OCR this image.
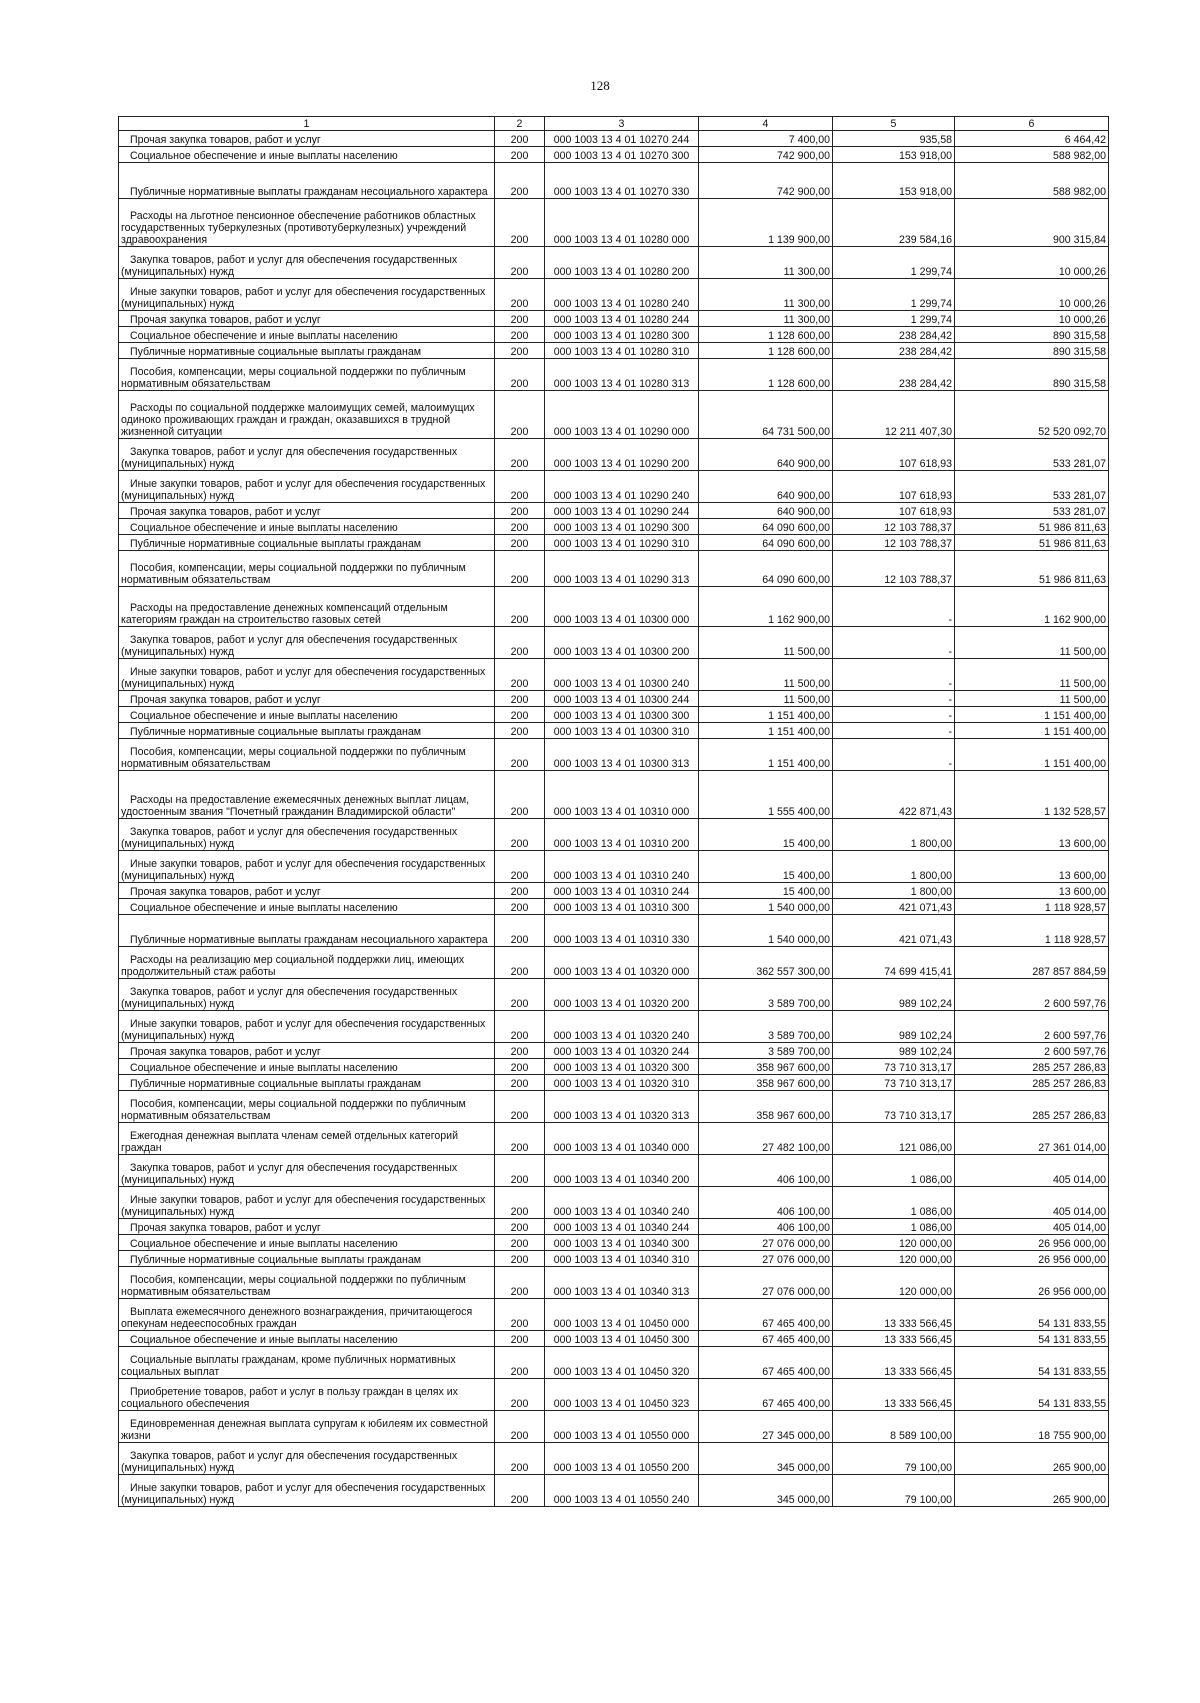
128
1	2	3	4	5	6
Прочая закупка товаров, работ и услуг	200	000 1003 13 4 01 10270 244	7 400,00	935,58	6 464,42
Социальное обеспечение и иные выплаты населению	200	000 1003 13 4 01 10270 300	742 900,00	153 918,00	588 982,00
Публичные нормативные выплаты гражданам несоциального характера	200	000 1003 13 4 01 10270 330	742 900,00	153 918,00	588 982,00
Расходы на льготное пенсионное обеспечение работников областных государственных туберкулезных (противотуберкулезных) учреждений здравоохранения	200	000 1003 13 4 01 10280 000	1 139 900,00	239 584,16	900 315,84
Закупка товаров, работ и услуг для обеспечения государственных (муниципальных) нужд	200	000 1003 13 4 01 10280 200	11 300,00	1 299,74	10 000,26
Иные закупки товаров, работ и услуг для обеспечения государственных (муниципальных) нужд	200	000 1003 13 4 01 10280 240	11 300,00	1 299,74	10 000,26
Прочая закупка товаров, работ и услуг	200	000 1003 13 4 01 10280 244	11 300,00	1 299,74	10 000,26
Социальное обеспечение и иные выплаты населению	200	000 1003 13 4 01 10280 300	1 128 600,00	238 284,42	890 315,58
Публичные нормативные социальные выплаты гражданам	200	000 1003 13 4 01 10280 310	1 128 600,00	238 284,42	890 315,58
Пособия, компенсации, меры социальной поддержки по публичным нормативным обязательствам	200	000 1003 13 4 01 10280 313	1 128 600,00	238 284,42	890 315,58
Расходы по социальной поддержке малоимущих семей, малоимущих одиноко проживающих граждан и граждан, оказавшихся в трудной жизненной ситуации	200	000 1003 13 4 01 10290 000	64 731 500,00	12 211 407,30	52 520 092,70
Закупка товаров, работ и услуг для обеспечения государственных (муниципальных) нужд	200	000 1003 13 4 01 10290 200	640 900,00	107 618,93	533 281,07
Иные закупки товаров, работ и услуг для обеспечения государственных (муниципальных) нужд	200	000 1003 13 4 01 10290 240	640 900,00	107 618,93	533 281,07
Прочая закупка товаров, работ и услуг	200	000 1003 13 4 01 10290 244	640 900,00	107 618,93	533 281,07
Социальное обеспечение и иные выплаты населению	200	000 1003 13 4 01 10290 300	64 090 600,00	12 103 788,37	51 986 811,63
Публичные нормативные социальные выплаты гражданам	200	000 1003 13 4 01 10290 310	64 090 600,00	12 103 788,37	51 986 811,63
Пособия, компенсации, меры социальной поддержки по публичным нормативным обязательствам	200	000 1003 13 4 01 10290 313	64 090 600,00	12 103 788,37	51 986 811,63
Расходы на предоставление денежных компенсаций отдельным категориям граждан на строительство газовых сетей	200	000 1003 13 4 01 10300 000	1 162 900,00	-	1 162 900,00
Закупка товаров, работ и услуг для обеспечения государственных (муниципальных) нужд	200	000 1003 13 4 01 10300 200	11 500,00	-	11 500,00
Иные закупки товаров, работ и услуг для обеспечения государственных (муниципальных) нужд	200	000 1003 13 4 01 10300 240	11 500,00	-	11 500,00
Прочая закупка товаров, работ и услуг	200	000 1003 13 4 01 10300 244	11 500,00	-	11 500,00
Социальное обеспечение и иные выплаты населению	200	000 1003 13 4 01 10300 300	1 151 400,00	-	1 151 400,00
Публичные нормативные социальные выплаты гражданам	200	000 1003 13 4 01 10300 310	1 151 400,00	-	1 151 400,00
Пособия, компенсации, меры социальной поддержки по публичным нормативным обязательствам	200	000 1003 13 4 01 10300 313	1 151 400,00	-	1 151 400,00
Расходы на предоставление ежемесячных денежных выплат лицам, удостоенным звания "Почетный гражданин Владимирской области"	200	000 1003 13 4 01 10310 000	1 555 400,00	422 871,43	1 132 528,57
Закупка товаров, работ и услуг для обеспечения государственных (муниципальных) нужд	200	000 1003 13 4 01 10310 200	15 400,00	1 800,00	13 600,00
Иные закупки товаров, работ и услуг для обеспечения государственных (муниципальных) нужд	200	000 1003 13 4 01 10310 240	15 400,00	1 800,00	13 600,00
Прочая закупка товаров, работ и услуг	200	000 1003 13 4 01 10310 244	15 400,00	1 800,00	13 600,00
Социальное обеспечение и иные выплаты населению	200	000 1003 13 4 01 10310 300	1 540 000,00	421 071,43	1 118 928,57
Публичные нормативные выплаты гражданам несоциального характера	200	000 1003 13 4 01 10310 330	1 540 000,00	421 071,43	1 118 928,57
Расходы на реализацию мер социальной поддержки лиц, имеющих продолжительный стаж работы	200	000 1003 13 4 01 10320 000	362 557 300,00	74 699 415,41	287 857 884,59
Закупка товаров, работ и услуг для обеспечения государственных (муниципальных) нужд	200	000 1003 13 4 01 10320 200	3 589 700,00	989 102,24	2 600 597,76
Иные закупки товаров, работ и услуг для обеспечения государственных (муниципальных) нужд	200	000 1003 13 4 01 10320 240	3 589 700,00	989 102,24	2 600 597,76
Прочая закупка товаров, работ и услуг	200	000 1003 13 4 01 10320 244	3 589 700,00	989 102,24	2 600 597,76
Социальное обеспечение и иные выплаты населению	200	000 1003 13 4 01 10320 300	358 967 600,00	73 710 313,17	285 257 286,83
Публичные нормативные социальные выплаты гражданам	200	000 1003 13 4 01 10320 310	358 967 600,00	73 710 313,17	285 257 286,83
Пособия, компенсации, меры социальной поддержки по публичным нормативным обязательствам	200	000 1003 13 4 01 10320 313	358 967 600,00	73 710 313,17	285 257 286,83
Ежегодная денежная выплата членам семей отдельных категорий граждан	200	000 1003 13 4 01 10340 000	27 482 100,00	121 086,00	27 361 014,00
Закупка товаров, работ и услуг для обеспечения государственных (муниципальных) нужд	200	000 1003 13 4 01 10340 200	406 100,00	1 086,00	405 014,00
Иные закупки товаров, работ и услуг для обеспечения государственных (муниципальных) нужд	200	000 1003 13 4 01 10340 240	406 100,00	1 086,00	405 014,00
Прочая закупка товаров, работ и услуг	200	000 1003 13 4 01 10340 244	406 100,00	1 086,00	405 014,00
Социальное обеспечение и иные выплаты населению	200	000 1003 13 4 01 10340 300	27 076 000,00	120 000,00	26 956 000,00
Публичные нормативные социальные выплаты гражданам	200	000 1003 13 4 01 10340 310	27 076 000,00	120 000,00	26 956 000,00
Пособия, компенсации, меры социальной поддержки по публичным нормативным обязательствам	200	000 1003 13 4 01 10340 313	27 076 000,00	120 000,00	26 956 000,00
Выплата ежемесячного денежного вознаграждения, причитающегося опекунам недееспособных граждан	200	000 1003 13 4 01 10450 000	67 465 400,00	13 333 566,45	54 131 833,55
Социальное обеспечение и иные выплаты населению	200	000 1003 13 4 01 10450 300	67 465 400,00	13 333 566,45	54 131 833,55
Социальные выплаты гражданам, кроме публичных нормативных социальных выплат	200	000 1003 13 4 01 10450 320	67 465 400,00	13 333 566,45	54 131 833,55
Приобретение товаров, работ и услуг в пользу граждан в целях их социального обеспечения	200	000 1003 13 4 01 10450 323	67 465 400,00	13 333 566,45	54 131 833,55
Единовременная денежная выплата супругам к юбилеям их совместной жизни	200	000 1003 13 4 01 10550 000	27 345 000,00	8 589 100,00	18 755 900,00
Закупка товаров, работ и услуг для обеспечения государственных (муниципальных) нужд	200	000 1003 13 4 01 10550 200	345 000,00	79 100,00	265 900,00
Иные закупки товаров, работ и услуг для обеспечения государственных (муниципальных) нужд	200	000 1003 13 4 01 10550 240	345 000,00	79 100,00	265 900,00
